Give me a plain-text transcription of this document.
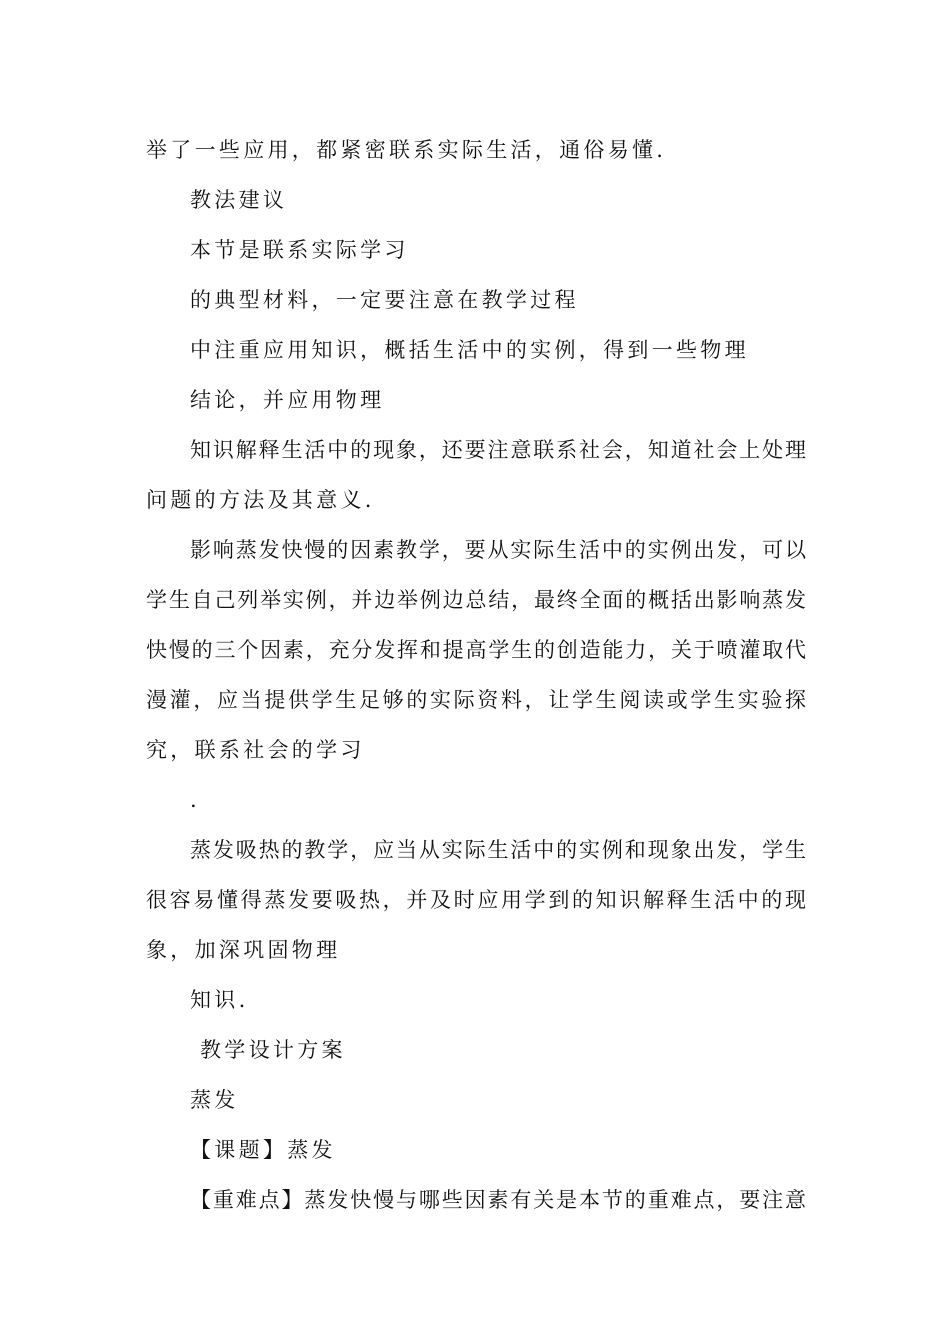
举了一些应用，都紧密联系实际生活，通俗易懂.
教法建议
本节是联系实际学习
的典型材料，一定要注意在教学过程
中注重应用知识，概括生活中的实例，得到一些物理
结论，并应用物理
知识解释生活中的现象，还要注意联系社会，知道社会上处理
问题的方法及其意义.
影响蒸发快慢的因素教学，要从实际生活中的实例出发，可以
学生自己列举实例，并边举例边总结，最终全面的概括出影响蒸发
快慢的三个因素，充分发挥和提高学生的创造能力，关于喷灌取代
漫灌，应当提供学生足够的实际资料，让学生阅读或学生实验探
究，联系社会的学习
.
蒸发吸热的教学，应当从实际生活中的实例和现象出发，学生
很容易懂得蒸发要吸热，并及时应用学到的知识解释生活中的现
象，加深巩固物理
知识.
教学设计方案
蒸发
【课题】蒸发
【重难点】蒸发快慢与哪些因素有关是本节的重难点，要注意
